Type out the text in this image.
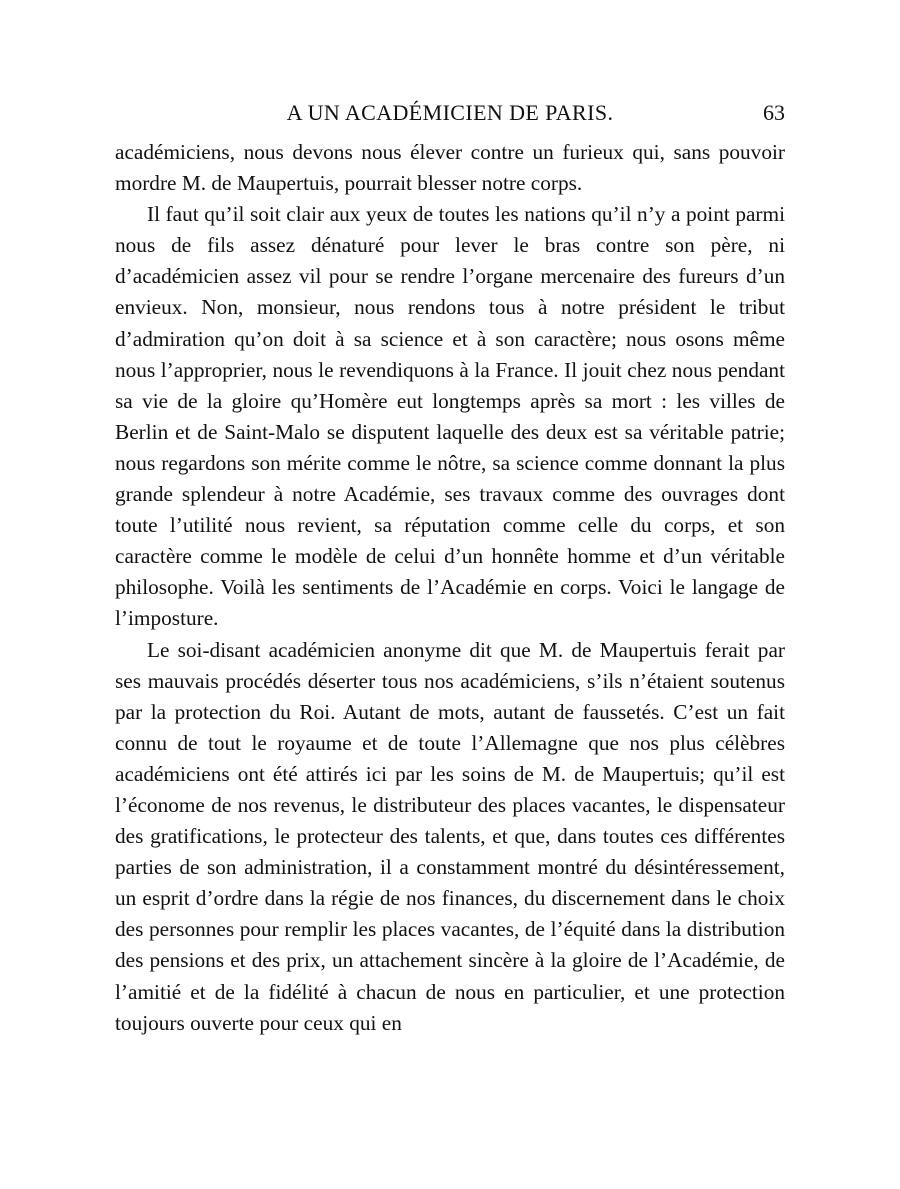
A UN ACADÉMICIEN DE PARIS.	63

académiciens, nous devons nous élever contre un furieux qui, sans pouvoir mordre M. de Maupertuis, pourrait blesser notre corps.

Il faut qu’il soit clair aux yeux de toutes les nations qu’il n’y a point parmi nous de fils assez dénaturé pour lever le bras contre son père, ni d’académicien assez vil pour se rendre l’organe mercenaire des fureurs d’un envieux. Non, monsieur, nous rendons tous à notre président le tribut d’admiration qu’on doit à sa science et à son caractère; nous osons même nous l’approprier, nous le revendiquons à la France. Il jouit chez nous pendant sa vie de la gloire qu’Homère eut longtemps après sa mort : les villes de Berlin et de Saint-Malo se disputent laquelle des deux est sa véritable patrie; nous regardons son mérite comme le nôtre, sa science comme donnant la plus grande splendeur à notre Académie, ses travaux comme des ouvrages dont toute l’utilité nous revient, sa réputation comme celle du corps, et son caractère comme le modèle de celui d’un honnête homme et d’un véritable philosophe. Voilà les sentiments de l’Académie en corps. Voici le langage de l’imposture.

Le soi-disant académicien anonyme dit que M. de Maupertuis ferait par ses mauvais procédés déserter tous nos académiciens, s’ils n’étaient soutenus par la protection du Roi. Autant de mots, autant de faussetés. C’est un fait connu de tout le royaume et de toute l’Allemagne que nos plus célèbres académiciens ont été attirés ici par les soins de M. de Maupertuis; qu’il est l’économe de nos revenus, le distributeur des places vacantes, le dispensateur des gratifications, le protecteur des talents, et que, dans toutes ces différentes parties de son administration, il a constamment montré du désintéressement, un esprit d’ordre dans la régie de nos finances, du discernement dans le choix des personnes pour remplir les places vacantes, de l’équité dans la distribution des pensions et des prix, un attachement sincère à la gloire de l’Académie, de l’amitié et de la fidélité à chacun de nous en particulier, et une protection toujours ouverte pour ceux qui en
